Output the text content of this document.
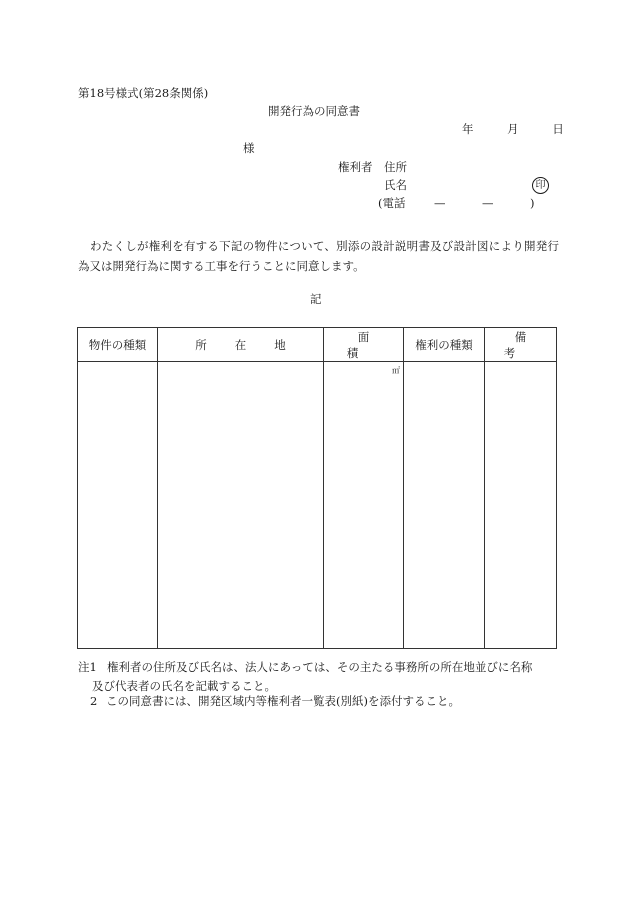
第18号様式(第28条関係)
開発行為の同意書
年	月	日
様
権利者 住所
氏名	印
(電話 —	—	)
わたくしが権利を有する下記の物件について、別添の設計説明書及び設計図により開発行為又は開発行為に関する工事を行うことに同意します。
記
物件の種類	所在地	面積	権利の種類	備考

		㎡		

注1 権利者の住所及び氏名は、法人にあっては、その主たる事務所の所在地並びに名称
及び代表者の氏名を記載すること。
2 この同意書には、開発区域内等権利者一覧表(別紙)を添付すること。
